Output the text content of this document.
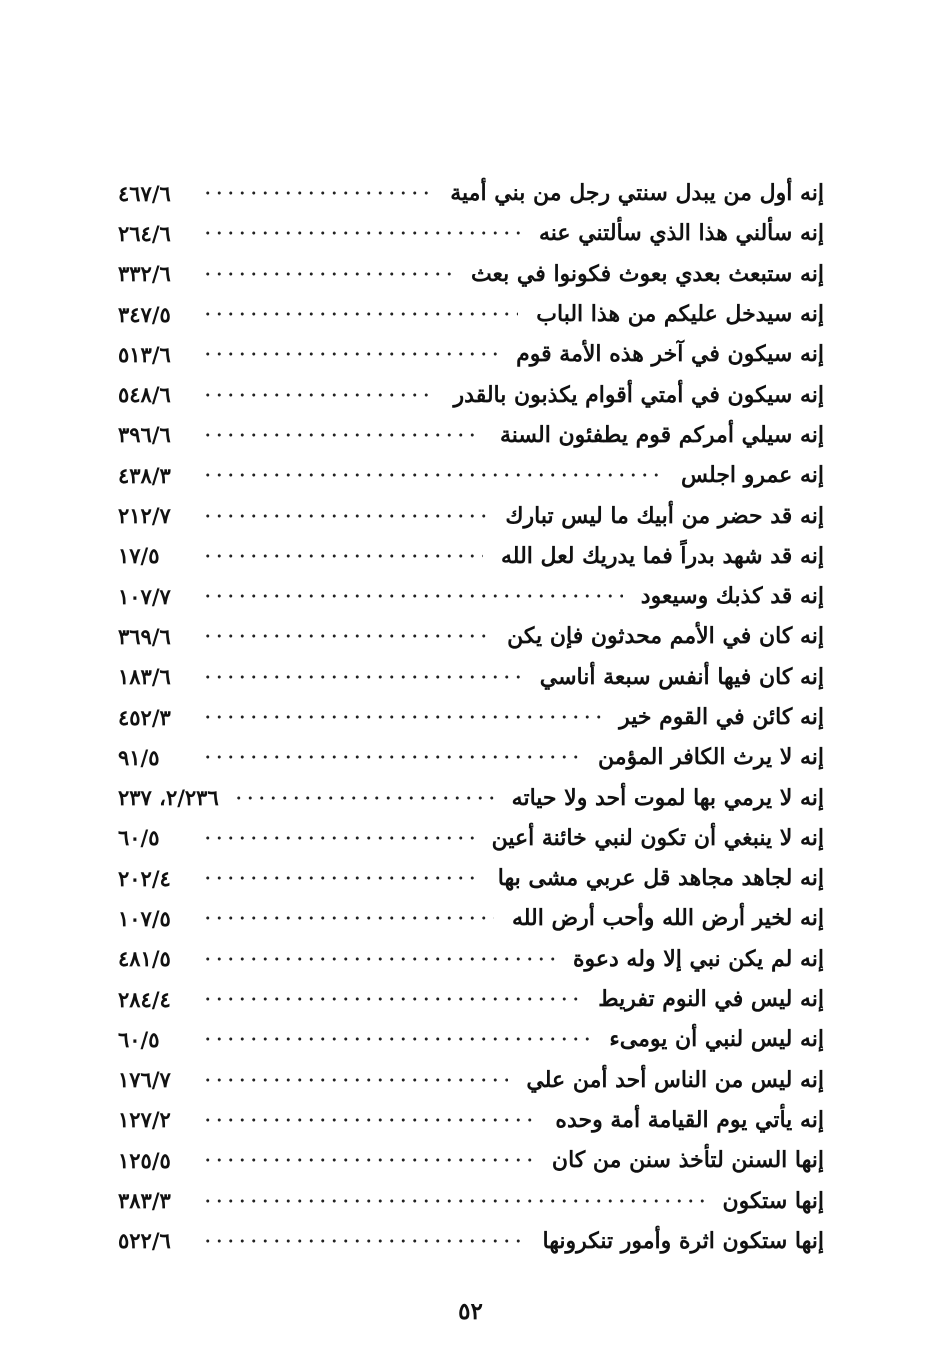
إنه أول من يبدل سنتي رجل من بني أمية
٤٦٧/٦
إنه سألني هذا الذي سألتني عنه
٢٦٤/٦
إنه ستبعث بعدي بعوث فكونوا في بعث
٣٣٢/٦
إنه سيدخل عليكم من هذا الباب
٣٤٧/٥
إنه سيكون في آخر هذه الأمة قوم
٥١٣/٦
إنه سيكون في أمتي أقوام يكذبون بالقدر
٥٤٨/٦
إنه سيلي أمركم قوم يطفئون السنة
٣٩٦/٦
إنه عمرو اجلس
٤٣٨/٣
إنه قد حضر من أبيك ما ليس تبارك
٢١٢/٧
إنه قد شهد بدراً فما يدريك لعل الله
١٧/٥
إنه قد كذبك وسيعود
١٠٧/٧
إنه كان في الأمم محدثون فإن يكن
٣٦٩/٦
إنه كان فيها أنفس سبعة أناسي
١٨٣/٦
إنه كائن في القوم خير
٤٥٢/٣
إنه لا يرث الكافر المؤمن
٩١/٥
إنه لا يرمي بها لموت أحد ولا حياته
٢/٢٣٦، ٢٣٧
إنه لا ينبغي أن تكون لنبي خائنة أعين
٦٠/٥
إنه لجاهد مجاهد قل عربي مشى بها
٢٠٢/٤
إنه لخير أرض الله وأحب أرض الله
١٠٧/٥
إنه لم يكن نبي إلا وله دعوة
٤٨١/٥
إنه ليس في النوم تفريط
٢٨٤/٤
إنه ليس لنبي أن يومىء
٦٠/٥
إنه ليس من الناس أحد أمن علي
١٧٦/٧
إنه يأتي يوم القيامة أمة وحده
١٢٧/٢
إنها السنن لتأخذ سنن من كان
١٢٥/٥
إنها ستكون
٣٨٣/٣
إنها ستكون اثرة وأمور تنكرونها
٥٢٢/٦
٥٢
